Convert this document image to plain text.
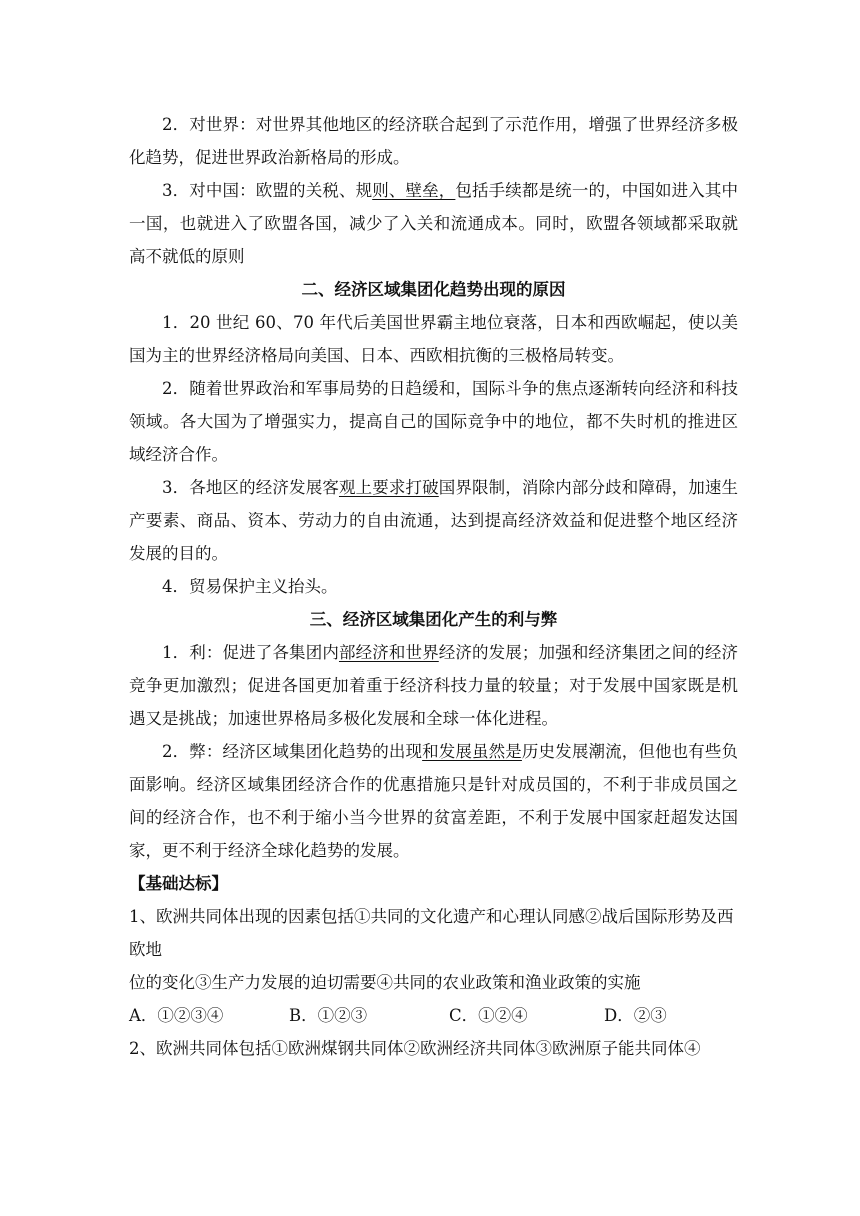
2．对世界：对世界其他地区的经济联合起到了示范作用，增强了世界经济多极化趋势，促进世界政治新格局的形成。

3．对中国：欧盟的关税、规则、壁垒，包括手续都是统一的，中国如进入其中一国，也就进入了欧盟各国，减少了入关和流通成本。同时，欧盟各领域都采取就高不就低的原则

二、经济区域集团化趋势出现的原因

1．20 世纪 60、70 年代后美国世界霸主地位衰落，日本和西欧崛起，使以美国为主的世界经济格局向美国、日本、西欧相抗衡的三极格局转变。

2．随着世界政治和军事局势的日趋缓和，国际斗争的焦点逐渐转向经济和科技领域。各大国为了增强实力，提高自己的国际竞争中的地位，都不失时机的推进区域经济合作。

3．各地区的经济发展客观上要求打破国界限制，消除内部分歧和障碍，加速生产要素、商品、资本、劳动力的自由流通，达到提高经济效益和促进整个地区经济发展的目的。

4．贸易保护主义抬头。

三、经济区域集团化产生的利与弊

1．利：促进了各集团内部经济和世界经济的发展；加强和经济集团之间的经济竞争更加激烈；促进各国更加着重于经济科技力量的较量；对于发展中国家既是机遇又是挑战；加速世界格局多极化发展和全球一体化进程。

2．弊：经济区域集团化趋势的出现和发展虽然是历史发展潮流，但他也有些负面影响。经济区域集团经济合作的优惠措施只是针对成员国的，不利于非成员国之间的经济合作，也不利于缩小当今世界的贫富差距，不利于发展中国家赶超发达国家，更不利于经济全球化趋势的发展。

【基础达标】

1、欧洲共同体出现的因素包括①共同的文化遗产和心理认同感②战后国际形势及西欧地

位的变化③生产力发展的迫切需要④共同的农业政策和渔业政策的实施

A．①②③④	B．①②③	C．①②④	D．②③

2、欧洲共同体包括①欧洲煤钢共同体②欧洲经济共同体③欧洲原子能共同体④
